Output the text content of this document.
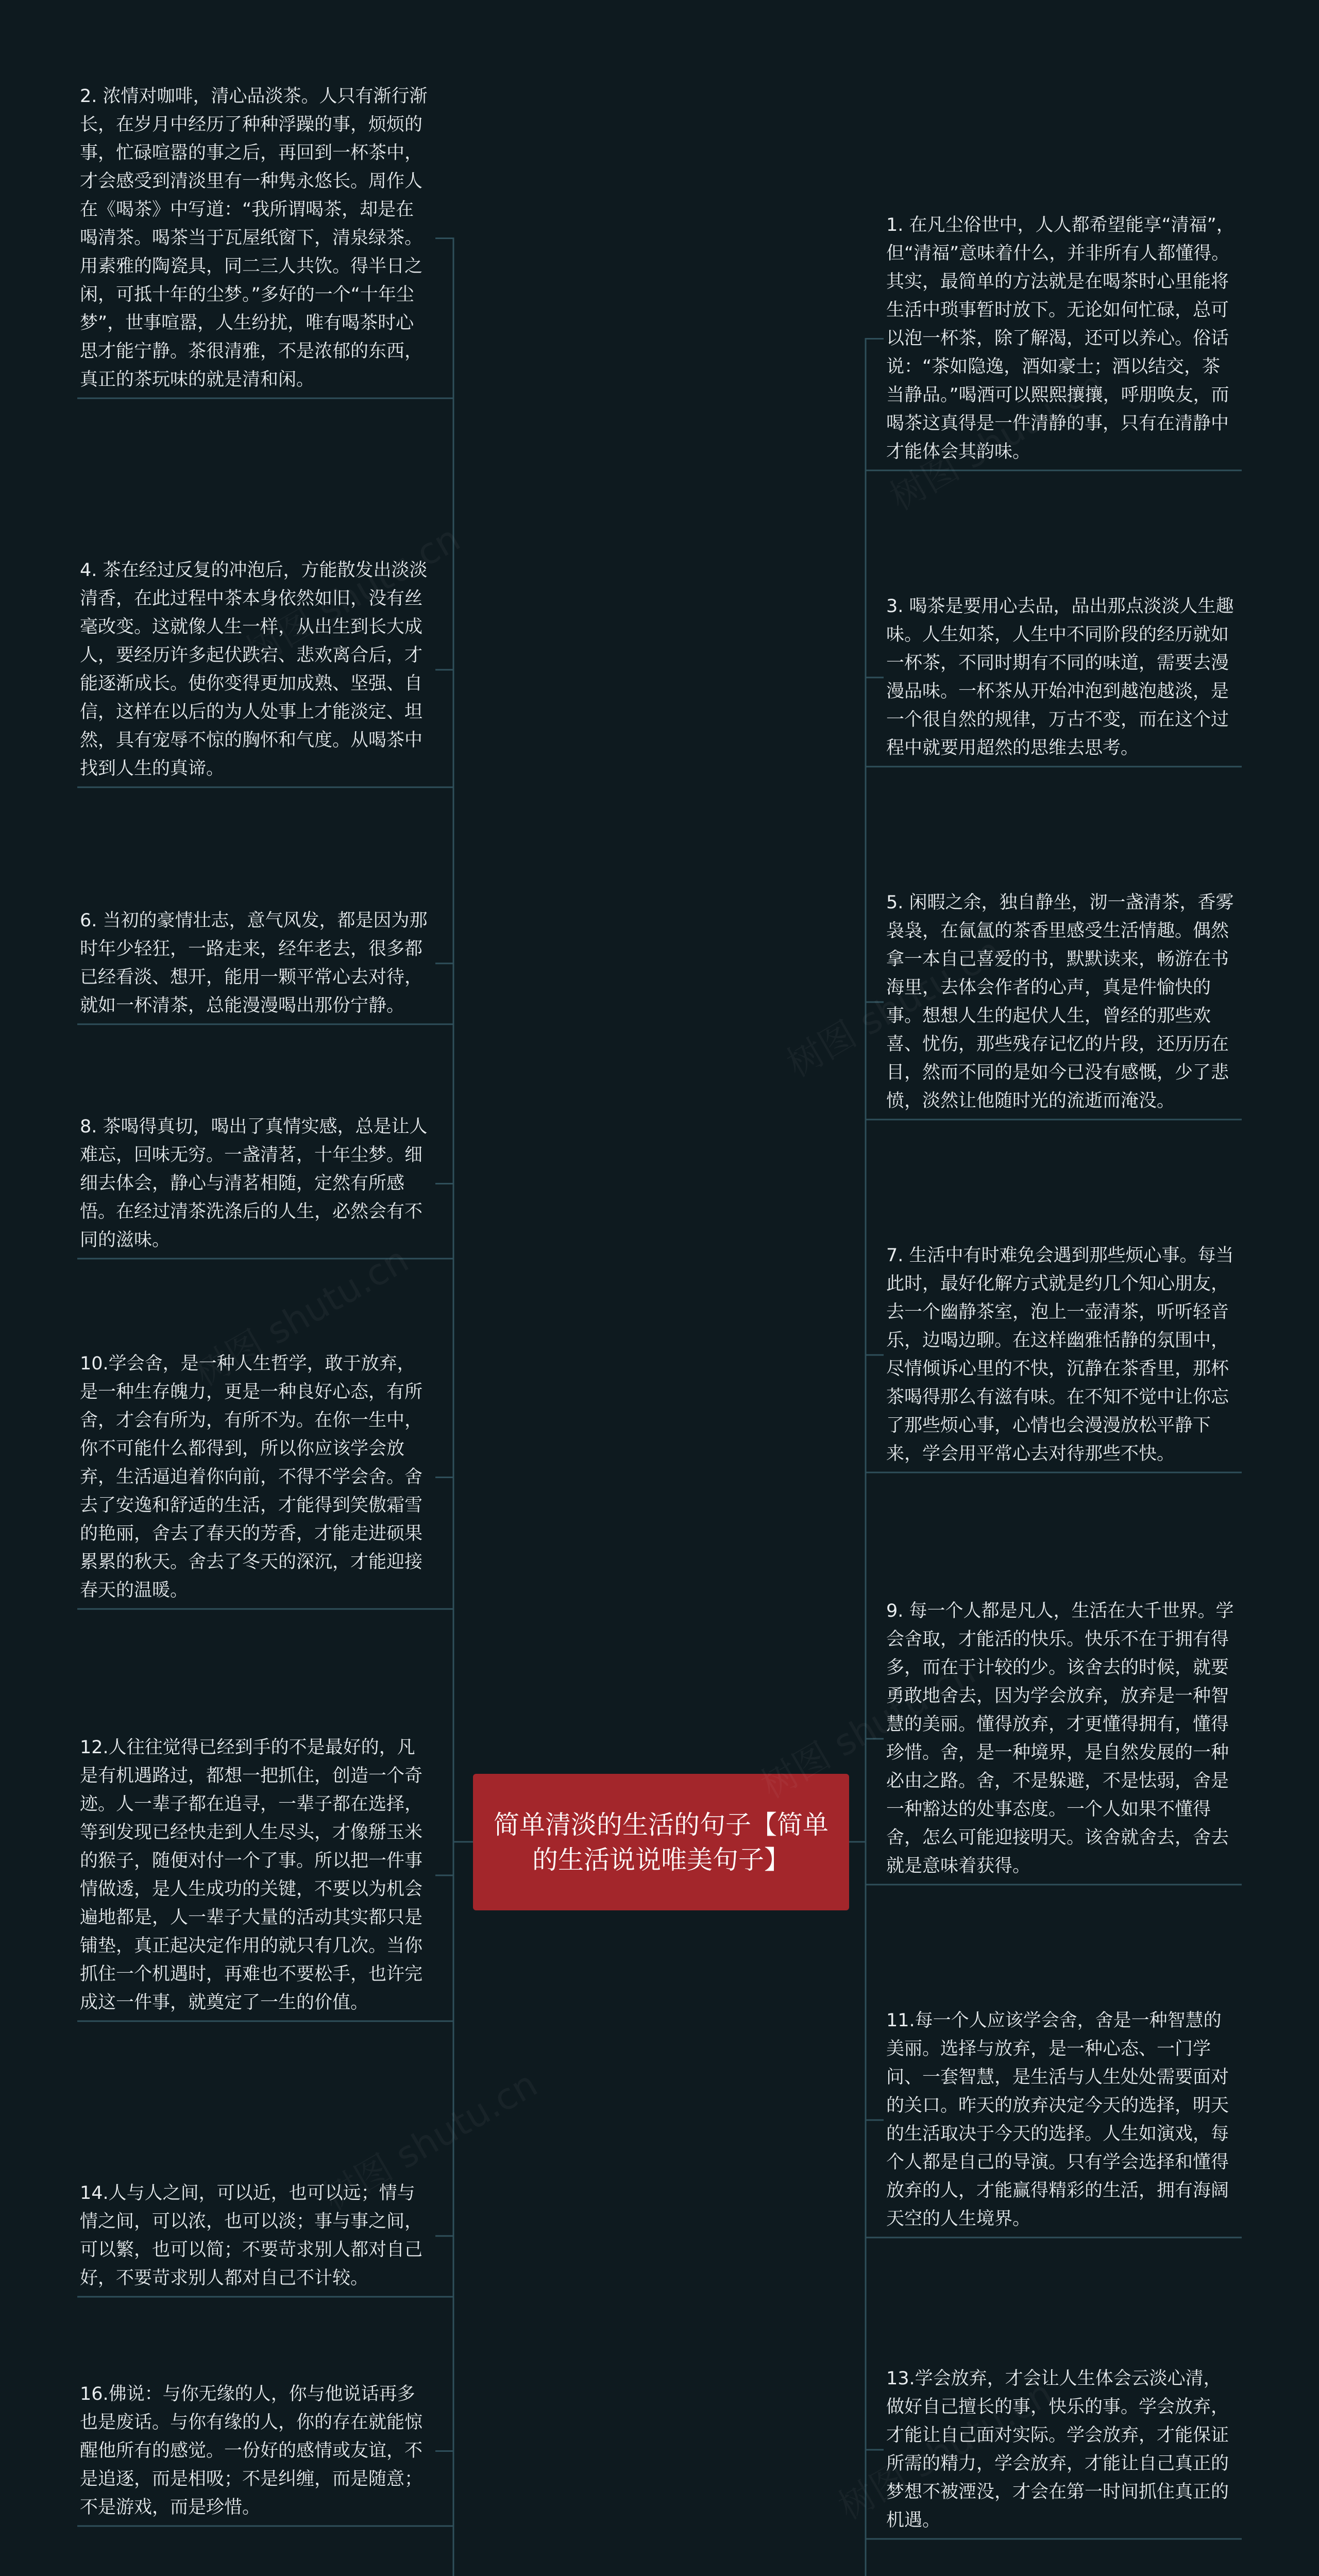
简单清淡的生活的句子【简单的生活说说唯美句子】
2. 浓情对咖啡，清心品淡茶。人只有渐行渐长，在岁月中经历了种种浮躁的事，烦烦的事，忙碌喧嚣的事之后，再回到一杯茶中，才会感受到清淡里有一种隽永悠长。周作人在《喝茶》中写道：“我所谓喝茶，却是在喝清茶。喝茶当于瓦屋纸窗下，清泉绿茶。用素雅的陶瓷具，同二三人共饮。得半日之闲，可抵十年的尘梦。”多好的一个“十年尘梦”，世事喧嚣，人生纷扰，唯有喝茶时心思才能宁静。茶很清雅，不是浓郁的东西，真正的茶玩味的就是清和闲。
4. 茶在经过反复的冲泡后，方能散发出淡淡清香，在此过程中茶本身依然如旧，没有丝毫改变。这就像人生一样，从出生到长大成人，要经历许多起伏跌宕、悲欢离合后，才能逐渐成长。使你变得更加成熟、坚强、自信，这样在以后的为人处事上才能淡定、坦然，具有宠辱不惊的胸怀和气度。从喝茶中找到人生的真谛。
6. 当初的豪情壮志，意气风发，都是因为那时年少轻狂，一路走来，经年老去，很多都已经看淡、想开，能用一颗平常心去对待，就如一杯清茶，总能漫漫喝出那份宁静。
8. 茶喝得真切，喝出了真情实感，总是让人难忘，回味无穷。一盏清茗，十年尘梦。细细去体会，静心与清茗相随，定然有所感悟。在经过清茶洗涤后的人生，必然会有不同的滋味。
10.学会舍，是一种人生哲学，敢于放弃，是一种生存魄力，更是一种良好心态，有所舍，才会有所为，有所不为。在你一生中，你不可能什么都得到，所以你应该学会放弃，生活逼迫着你向前，不得不学会舍。舍去了安逸和舒适的生活，才能得到笑傲霜雪的艳丽，舍去了春天的芳香，才能走进硕果累累的秋天。舍去了冬天的深沉，才能迎接春天的温暖。
12.人往往觉得已经到手的不是最好的，凡是有机遇路过，都想一把抓住，创造一个奇迹。人一辈子都在追寻，一辈子都在选择，等到发现已经快走到人生尽头，才像掰玉米的猴子，随便对付一个了事。所以把一件事情做透，是人生成功的关键，不要以为机会遍地都是，人一辈子大量的活动其实都只是铺垫，真正起决定作用的就只有几次。当你抓住一个机遇时，再难也不要松手，也许完成这一件事，就奠定了一生的价值。
14.人与人之间，可以近，也可以远；情与情之间，可以浓，也可以淡；事与事之间，可以繁，也可以简；不要苛求别人都对自己好，不要苛求别人都对自己不计较。
16.佛说：与你无缘的人，你与他说话再多也是废话。与你有缘的人，你的存在就能惊醒他所有的感觉。一份好的感情或友谊，不是追逐，而是相吸；不是纠缠，而是随意；不是游戏，而是珍惜。
1. 在凡尘俗世中，人人都希望能享“清福”，但“清福”意味着什么，并非所有人都懂得。其实，最简单的方法就是在喝茶时心里能将生活中琐事暂时放下。无论如何忙碌，总可以泡一杯茶，除了解渴，还可以养心。俗话说：“茶如隐逸，酒如豪士；酒以结交，茶当静品。”喝酒可以熙熙攘攘，呼朋唤友，而喝茶这真得是一件清静的事，只有在清静中才能体会其韵味。
3. 喝茶是要用心去品，品出那点淡淡人生趣味。人生如茶，人生中不同阶段的经历就如一杯茶，不同时期有不同的味道，需要去漫漫品味。一杯茶从开始冲泡到越泡越淡，是一个很自然的规律，万古不变，而在这个过程中就要用超然的思维去思考。
5. 闲暇之余，独自静坐，沏一盏清茶，香雾袅袅，在氤氲的茶香里感受生活情趣。偶然拿一本自己喜爱的书，默默读来，畅游在书海里，去体会作者的心声，真是件愉快的事。想想人生的起伏人生，曾经的那些欢喜、忧伤，那些残存记忆的片段，还历历在目，然而不同的是如今已没有感慨，少了悲愤，淡然让他随时光的流逝而淹没。
7. 生活中有时难免会遇到那些烦心事。每当此时，最好化解方式就是约几个知心朋友，去一个幽静茶室，泡上一壶清茶，听听轻音乐，边喝边聊。在这样幽雅恬静的氛围中，尽情倾诉心里的不快，沉静在茶香里，那杯茶喝得那么有滋有味。在不知不觉中让你忘了那些烦心事，心情也会漫漫放松平静下来，学会用平常心去对待那些不快。
9. 每一个人都是凡人，生活在大千世界。学会舍取，才能活的快乐。快乐不在于拥有得多，而在于计较的少。该舍去的时候，就要勇敢地舍去，因为学会放弃，放弃是一种智慧的美丽。懂得放弃，才更懂得拥有，懂得珍惜。舍，是一种境界，是自然发展的一种必由之路。舍，不是躲避，不是怯弱，舍是一种豁达的处事态度。一个人如果不懂得舍，怎么可能迎接明天。该舍就舍去，舍去就是意味着获得。
11.每一个人应该学会舍，舍是一种智慧的美丽。选择与放弃，是一种心态、一门学问、一套智慧，是生活与人生处处需要面对的关口。昨天的放弃决定今天的选择，明天的生活取决于今天的选择。人生如演戏，每个人都是自己的导演。只有学会选择和懂得放弃的人，才能赢得精彩的生活，拥有海阔天空的人生境界。
13.学会放弃，才会让人生体会云淡心清，做好自己擅长的事，快乐的事。学会放弃，才能让自己面对实际。学会放弃，才能保证所需的精力，学会放弃，才能让自己真正的梦想不被湮没，才会在第一时间抓住真正的机遇。
